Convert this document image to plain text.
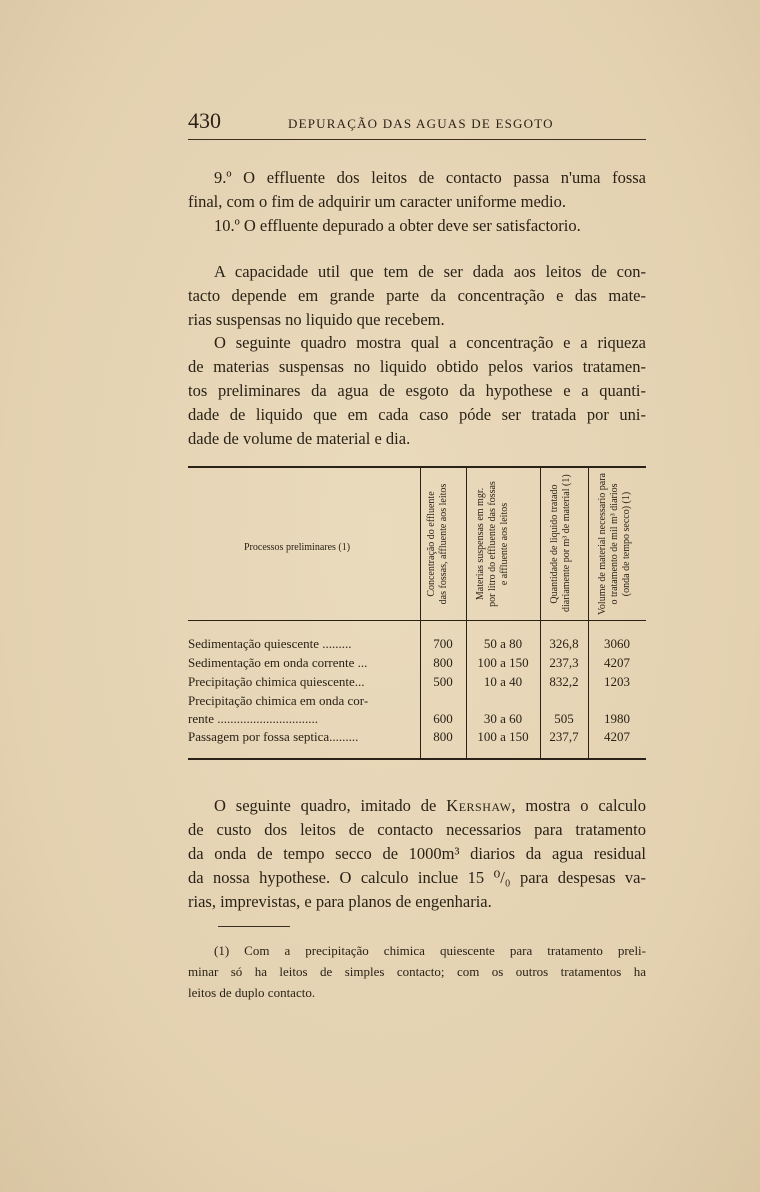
430	DEPURAÇÃO DAS AGUAS DE ESGOTO
9.º O effluente dos leitos de contacto passa n'uma fossa
final, com o fim de adquirir um caracter uniforme medio.
10.º O effluente depurado a obter deve ser satisfactorio.
A capacidade util que tem de ser dada aos leitos de con-
tacto depende em grande parte da concentração e das mate-
rias suspensas no liquido que recebem.
O seguinte quadro mostra qual a concentração e a riqueza
de materias suspensas no liquido obtido pelos varios tratamen-
tos preliminares da agua de esgoto da hypothese e a quanti-
dade de liquido que em cada caso póde ser tratada por uni-
dade de volume de material e dia.
Processos preliminares (1)	Concentração do effluente das fossas, affluente aos leitos	Materias suspensas em mgr. por litro do effluente das fossas e affluente aos leitos	Quantidade de liquido tratado diariamente por m³ de material (1)	Volume de material necessario para o tratamento de mil m³ diarios (onda de tempo secco) (1)
Sedimentação quiescente .........	700	50 a 80	326,8	3060
Sedimentação em onda corrente ...	800	100 a 150	237,3	4207
Precipitação chimica quiescente...	500	10 a 40	832,2	1203
Precipitação chimica em onda cor-
rente ...............................	600	30 a 60	505	1980
Passagem por fossa septica.........	800	100 a 150	237,7	4207
O seguinte quadro, imitado de Kershaw, mostra o calculo
de custo dos leitos de contacto necessarios para tratamento
da onda de tempo secco de 1000m³ diarios da agua residual
da nossa hypothese. O calculo inclue 15 ⁰/₀ para despesas va-
rias, imprevistas, e para planos de engenharia.
(1) Com a precipitação chimica quiescente para tratamento preli-
minar só ha leitos de simples contacto; com os outros tratamentos ha
leitos de duplo contacto.
